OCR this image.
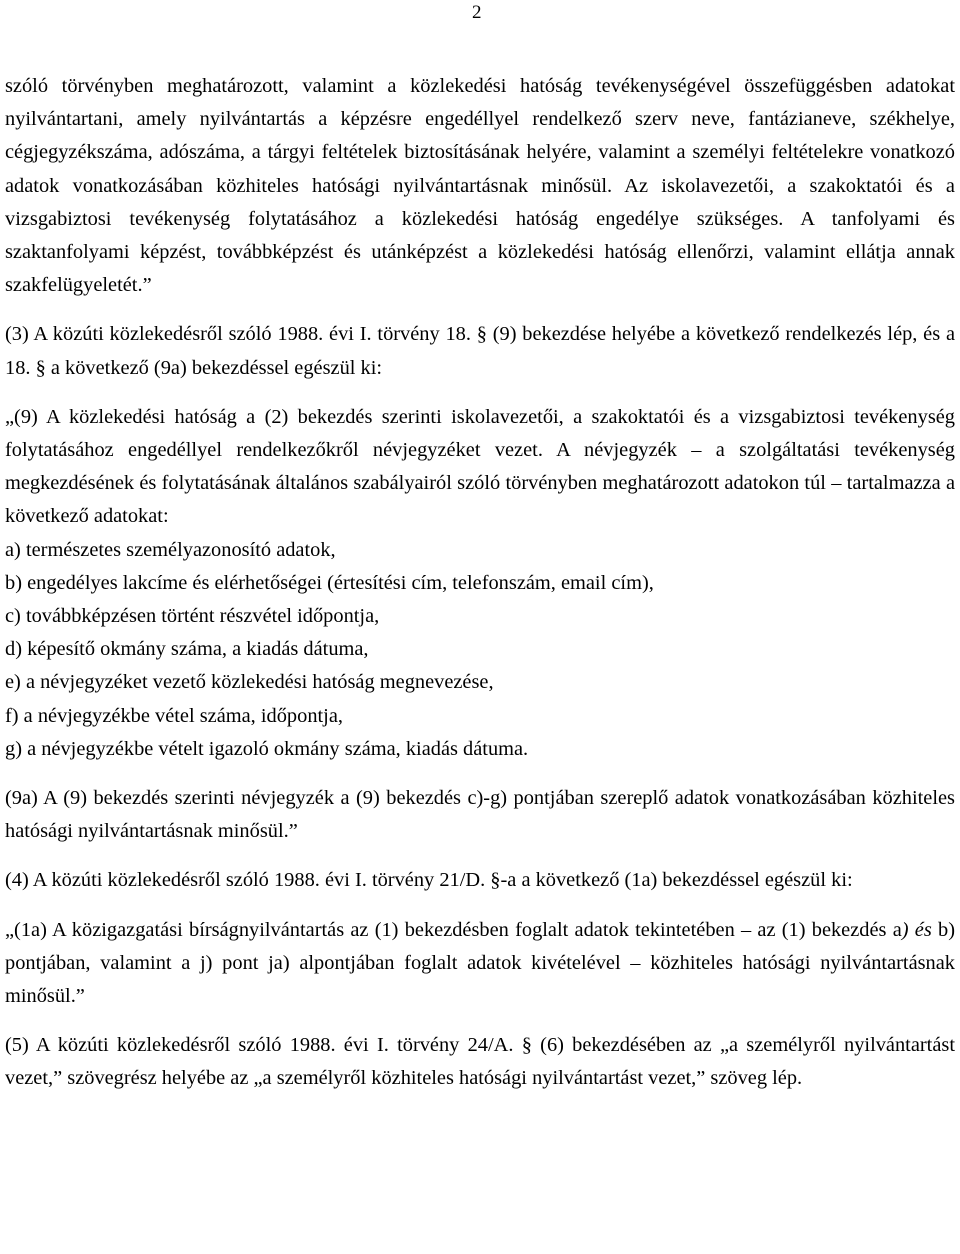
2

szóló törvényben meghatározott, valamint a közlekedési hatóság tevékenységével összefüggésben adatokat nyilvántartani, amely nyilvántartás a képzésre engedéllyel rendelkező szerv neve, fantázianeve, székhelye, cégjegyzékszáma, adószáma, a tárgyi feltételek biztosításának helyére, valamint a személyi feltételekre vonatkozó adatok vonatkozásában közhiteles hatósági nyilvántartásnak minősül. Az iskolavezetői, a szakoktatói és a vizsgabiztosi tevékenység folytatásához a közlekedési hatóság engedélye szükséges. A tanfolyami és szaktanfolyami képzést, továbbképzést és utánképzést a közlekedési hatóság ellenőrzi, valamint ellátja annak szakfelügyeletét.”

(3) A közúti közlekedésről szóló 1988. évi I. törvény 18. § (9) bekezdése helyébe a következő rendelkezés lép, és a 18. § a következő (9a) bekezdéssel egészül ki:

„(9) A közlekedési hatóság a (2) bekezdés szerinti iskolavezetői, a szakoktatói és a vizsgabiztosi tevékenység folytatásához engedéllyel rendelkezőkről névjegyzéket vezet. A névjegyzék – a szolgáltatási tevékenység megkezdésének és folytatásának általános szabályairól szóló törvényben meghatározott adatokon túl – tartalmazza a következő adatokat:

a) természetes személyazonosító adatok,

b) engedélyes lakcíme és elérhetőségei (értesítési cím, telefonszám, email cím),

c) továbbképzésen történt részvétel időpontja,

d) képesítő okmány száma, a kiadás dátuma,

e) a névjegyzéket vezető közlekedési hatóság megnevezése,

f) a névjegyzékbe vétel száma, időpontja,

g) a névjegyzékbe vételt igazoló okmány száma, kiadás dátuma.

(9a) A (9) bekezdés szerinti névjegyzék a (9) bekezdés c)-g) pontjában szereplő adatok vonatkozásában közhiteles hatósági nyilvántartásnak minősül.”

(4) A közúti közlekedésről szóló 1988. évi I. törvény 21/D. §-a a következő (1a) bekezdéssel egészül ki:

„(1a) A közigazgatási bírságnyilvántartás az (1) bekezdésben foglalt adatok tekintetében – az (1) bekezdés a) és b) pontjában, valamint a j) pont ja) alpontjában foglalt adatok kivételével – közhiteles hatósági nyilvántartásnak minősül.”

(5) A közúti közlekedésről szóló 1988. évi I. törvény 24/A. § (6) bekezdésében az „a személyről nyilvántartást vezet,” szövegrész helyébe az „a személyről közhiteles hatósági nyilvántartást vezet,” szöveg lép.
